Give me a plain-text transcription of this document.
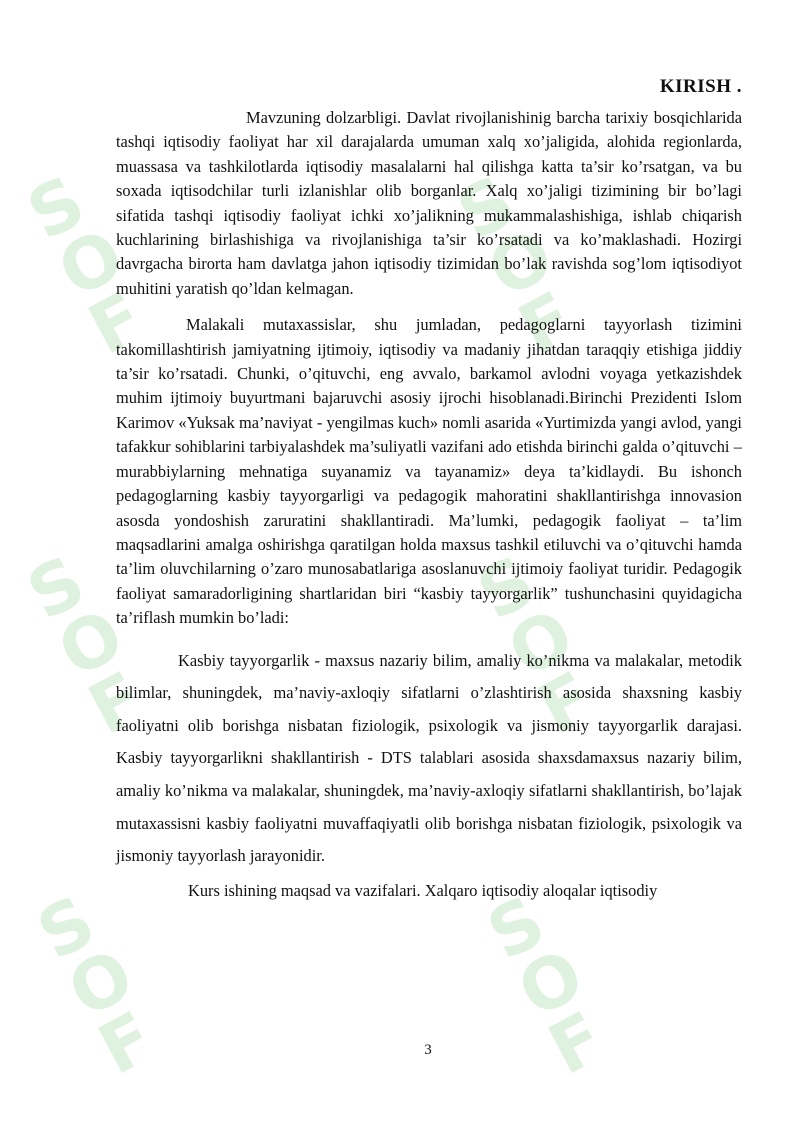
S
O
F
S
O
F
S
O
F
S
O
F
S
O
F
S
O
F
KIRISH .

Mavzuning dolzarbligi. Davlat rivojlanishinig barcha tarixiy bosqichlarida tashqi iqtisodiy faoliyat har xil darajalarda umuman xalq xo’jaligida, alohida regionlarda, muassasa va tashkilotlarda iqtisodiy masalalarni hal qilishga katta ta’sir ko’rsatgan, va bu soxada iqtisodchilar turli izlanishlar olib borganlar. Xalq xo’jaligi tizimining bir bo’lagi sifatida tashqi iqtisodiy faoliyat ichki xo’jalikning mukammalashishiga, ishlab chiqarish kuchlarining birlashishiga va rivojlanishiga ta’sir ko’rsatadi va ko’maklashadi. Hozirgi davrgacha birorta ham davlatga jahon iqtisodiy tizimidan bo’lak ravishda sog’lom iqtisodiyot muhitini yaratish qo’ldan kelmagan.

Malakali mutaxassislar, shu jumladan, pedagoglarni tayyorlash tizimini takomillashtirish jamiyatning ijtimoiy, iqtisodiy va madaniy jihatdan taraqqiy etishiga jiddiy ta’sir ko’rsatadi. Chunki, o’qituvchi, eng avvalo, barkamol avlodni voyaga yetkazishdek muhim ijtimoiy buyurtmani bajaruvchi asosiy ijrochi hisoblanadi.Birinchi Prezidenti Islom Karimov «Yuksak ma’naviyat - yengilmas kuch» nomli asarida «Yurtimizda yangi avlod, yangi tafakkur sohiblarini tarbiyalashdek ma’suliyatli vazifani ado etishda birinchi galda o’qituvchi – murabbiylarning mehnatiga suyanamiz va tayanamiz» deya ta’kidlaydi. Bu ishonch pedagoglarning kasbiy tayyorgarligi va pedagogik mahoratini shakllantirishga innovasion asosda yondoshish zaruratini shakllantiradi. Ma’lumki, pedagogik faoliyat – ta’lim maqsadlarini amalga oshirishga qaratilgan holda maxsus tashkil etiluvchi va o’qituvchi hamda ta’lim oluvchilarning o’zaro munosabatlariga asoslanuvchi ijtimoiy faoliyat turidir. Pedagogik faoliyat samaradorligining shartlaridan biri “kasbiy tayyorgarlik” tushunchasini quyidagicha ta’riflash mumkin bo’ladi:

Kasbiy tayyorgarlik - maxsus nazariy bilim, amaliy ko’nikma va malakalar, metodik bilimlar, shuningdek, ma’naviy-axloqiy sifatlarni o’zlashtirish asosida shaxsning kasbiy faoliyatni olib borishga nisbatan fiziologik, psixologik va jismoniy tayyorgarlik darajasi. Kasbiy tayyorgarlikni shakllantirish - DTS talablari asosida shaxsdamaxsus nazariy bilim, amaliy ko’nikma va malakalar, shuningdek, ma’naviy-axloqiy sifatlarni shakllantirish, bo’lajak mutaxassisni kasbiy faoliyatni muvaffaqiyatli olib borishga nisbatan fiziologik, psixologik va jismoniy tayyorlash jarayonidir.

Kurs ishining maqsad va vazifalari. Xalqaro iqtisodiy aloqalar iqtisodiy

3
